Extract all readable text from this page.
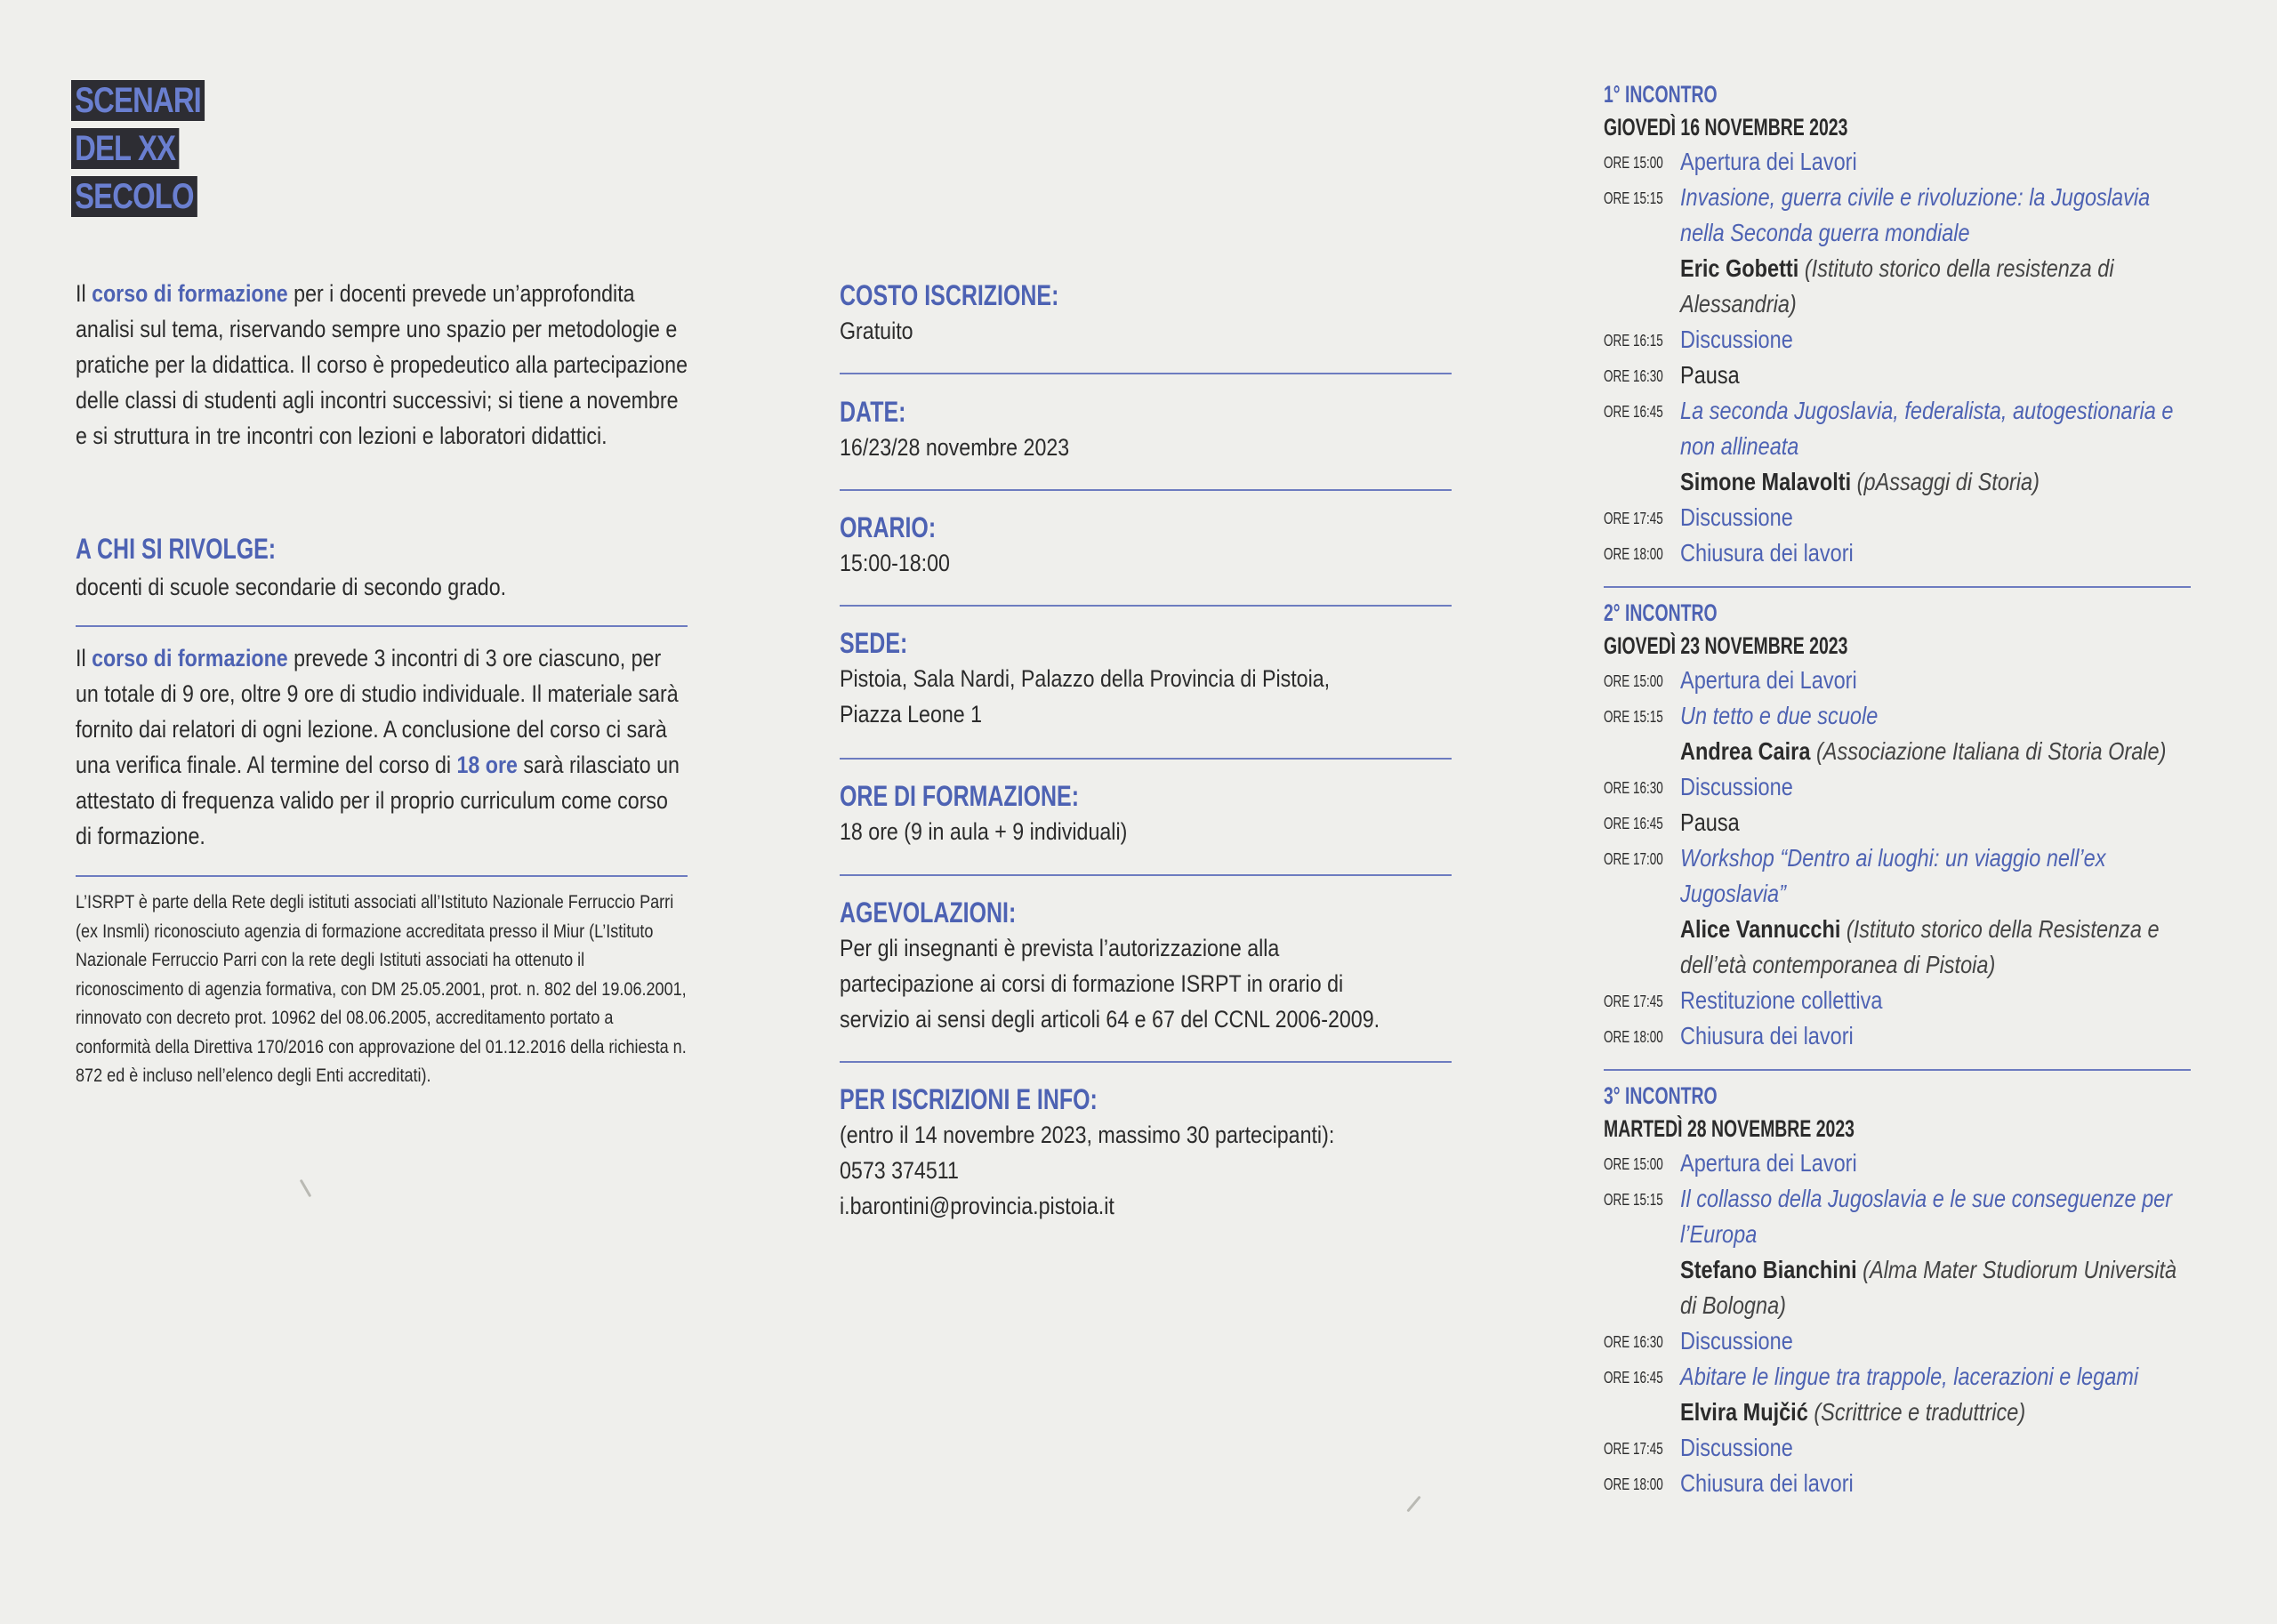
SCENARI
DEL XX
SECOLO

Il corso di formazione per i docenti prevede un’approfondita analisi sul tema, riservando sempre uno spazio per metodologie e pratiche per la didattica. Il corso è propedeutico alla partecipazione delle classi di studenti agli incontri successivi; si tiene a novembre e si struttura in tre incontri con lezioni e laboratori didattici.

A CHI SI RIVOLGE:

docenti di scuole secondarie di secondo grado.

Il corso di formazione prevede 3 incontri di 3 ore ciascuno, per un totale di 9 ore, oltre 9 ore di studio individuale. Il materiale sarà fornito dai relatori di ogni lezione. A conclusione del corso ci sarà una verifica finale. Al termine del corso di 18 ore sarà rilasciato un attestato di frequenza valido per il proprio curriculum come corso di formazione.

L’ISRPT è parte della Rete degli istituti associati all’Istituto Nazionale Ferruccio Parri (ex Insmli) riconosciuto agenzia di formazione accreditata presso il Miur (L’Istituto Nazionale Ferruccio Parri con la rete degli Istituti associati ha ottenuto il riconoscimento di agenzia formativa, con DM 25.05.2001, prot. n. 802 del 19.06.2001, rinnovato con decreto prot. 10962 del 08.06.2005, accreditamento portato a conformità della Direttiva 170/2016 con approvazione del 01.12.2016 della richiesta n. 872 ed è incluso nell’elenco degli Enti accreditati).

COSTO ISCRIZIONE:

Gratuito

DATE:

16/23/28 novembre 2023

ORARIO:

15:00-18:00

SEDE:

Pistoia, Sala Nardi, Palazzo della Provincia di Pistoia,

Piazza Leone 1

ORE DI FORMAZIONE:

18 ore (9 in aula + 9 individuali)

AGEVOLAZIONI:

Per gli insegnanti è prevista l’autorizzazione alla

partecipazione ai corsi di formazione ISRPT in orario di

servizio ai sensi degli articoli 64 e 67 del CCNL 2006-2009.

PER ISCRIZIONI E INFO:

(entro il 14 novembre 2023, massimo 30 partecipanti):

0573 374511

i.barontini@provincia.pistoia.it

1° INCONTRO
GIOVEDÌ 16 NOVEMBRE 2023
ORE 15:00 Apertura dei Lavori
ORE 15:15 Invasione, guerra civile e rivoluzione: la Jugoslavia nella Seconda guerra mondiale
Eric Gobetti (Istituto storico della resistenza di Alessandria)
ORE 16:15 Discussione
ORE 16:30 Pausa
ORE 16:45 La seconda Jugoslavia, federalista, autogestionaria e non allineata
Simone Malavolti (pAssaggi di Storia)
ORE 17:45 Discussione
ORE 18:00 Chiusura dei lavori
2° INCONTRO
GIOVEDÌ 23 NOVEMBRE 2023
ORE 15:00 Apertura dei Lavori
ORE 15:15 Un tetto e due scuole
Andrea Caira (Associazione Italiana di Storia Orale)
ORE 16:30 Discussione
ORE 16:45 Pausa
ORE 17:00 Workshop “Dentro ai luoghi: un viaggio nell’ex Jugoslavia”
Alice Vannucchi (Istituto storico della Resistenza e dell’età contemporanea di Pistoia)
ORE 17:45 Restituzione collettiva
ORE 18:00 Chiusura dei lavori
3° INCONTRO
MARTEDÌ 28 NOVEMBRE 2023
ORE 15:00 Apertura dei Lavori
ORE 15:15 Il collasso della Jugoslavia e le sue conseguenze per l’Europa
Stefano Bianchini (Alma Mater Studiorum Università di Bologna)
ORE 16:30 Discussione
ORE 16:45 Abitare le lingue tra trappole, lacerazioni e legami
Elvira Mujčić (Scrittrice e traduttrice)
ORE 17:45 Discussione
ORE 18:00 Chiusura dei lavori
